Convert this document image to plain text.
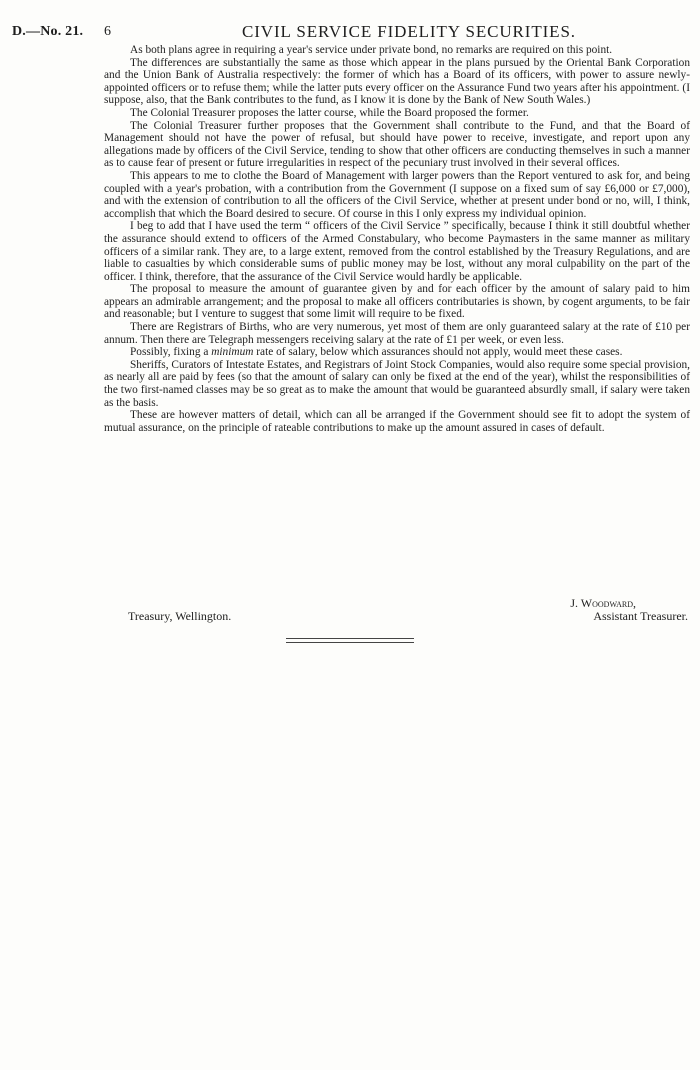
D.—No. 21. 6	CIVIL SERVICE FIDELITY SECURITIES.

As both plans agree in requiring a year's service under private bond, no remarks are required on this point.

The differences are substantially the same as those which appear in the plans pursued by the Oriental Bank Corporation and the Union Bank of Australia respectively: the former of which has a Board of its officers, with power to assure newly-appointed officers or to refuse them; while the latter puts every officer on the Assurance Fund two years after his appointment. (I suppose, also, that the Bank contributes to the fund, as I know it is done by the Bank of New South Wales.)

The Colonial Treasurer proposes the latter course, while the Board proposed the former.

The Colonial Treasurer further proposes that the Government shall contribute to the Fund, and that the Board of Management should not have the power of refusal, but should have power to receive, investigate, and report upon any allegations made by officers of the Civil Service, tending to show that other officers are conducting themselves in such a manner as to cause fear of present or future irregularities in respect of the pecuniary trust involved in their several offices.

This appears to me to clothe the Board of Management with larger powers than the Report ventured to ask for, and being coupled with a year's probation, with a contribution from the Government (I suppose on a fixed sum of say £6,000 or £7,000), and with the extension of contribution to all the officers of the Civil Service, whether at present under bond or no, will, I think, accomplish that which the Board desired to secure. Of course in this I only express my individual opinion.

I beg to add that I have used the term “ officers of the Civil Service ” specifically, because I think it still doubtful whether the assurance should extend to officers of the Armed Constabulary, who become Paymasters in the same manner as military officers of a similar rank. They are, to a large extent, removed from the control established by the Treasury Regulations, and are liable to casualties by which considerable sums of public money may be lost, without any moral culpability on the part of the officer. I think, therefore, that the assurance of the Civil Service would hardly be applicable.

The proposal to measure the amount of guarantee given by and for each officer by the amount of salary paid to him appears an admirable arrangement; and the proposal to make all officers contributaries is shown, by cogent arguments, to be fair and reasonable; but I venture to suggest that some limit will require to be fixed.

There are Registrars of Births, who are very numerous, yet most of them are only guaranteed salary at the rate of £10 per annum. Then there are Telegraph messengers receiving salary at the rate of £1 per week, or even less.

Possibly, fixing a minimum rate of salary, below which assurances should not apply, would meet these cases.

Sheriffs, Curators of Intestate Estates, and Registrars of Joint Stock Companies, would also require some special provision, as nearly all are paid by fees (so that the amount of salary can only be fixed at the end of the year), whilst the responsibilities of the two first-named classes may be so great as to make the amount that would be guaranteed absurdly small, if salary were taken as the basis.

These are however matters of detail, which can all be arranged if the Government should see fit to adopt the system of mutual assurance, on the principle of rateable contributions to make up the amount assured in cases of default.

J. Woodward,
Assistant Treasurer.
Treasury, Wellington.
